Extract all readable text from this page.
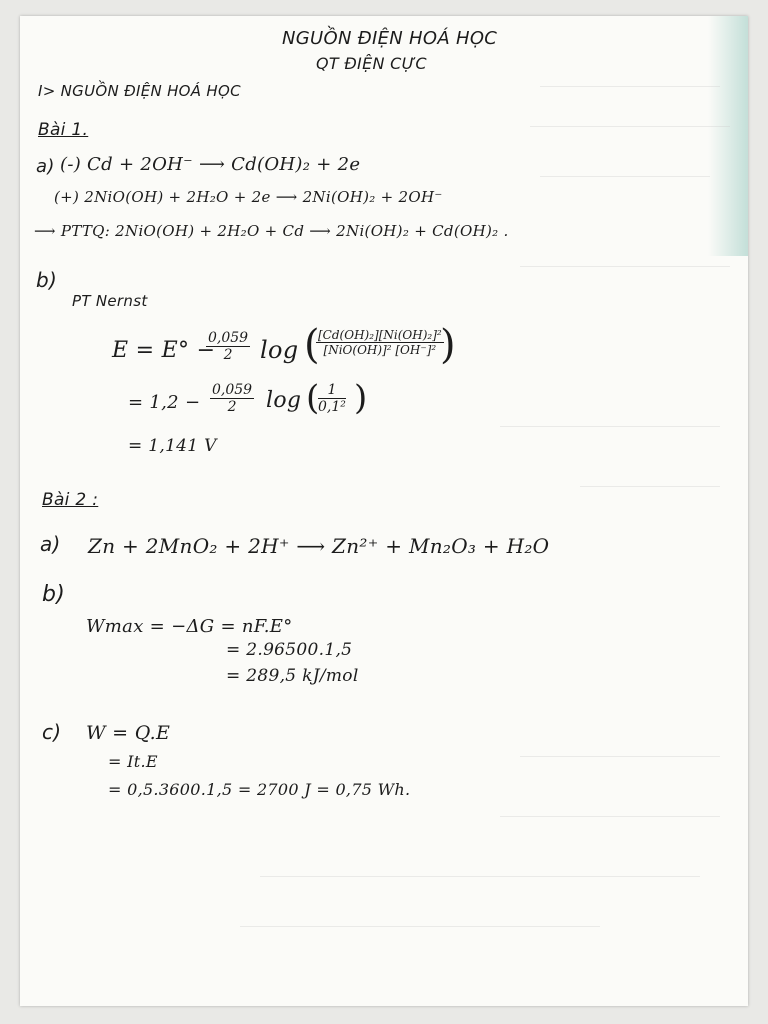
NGUỒN ĐIỆN HOÁ HỌC
QT ĐIỆN CỰC
I> NGUỒN ĐIỆN HOÁ HỌC
Bài 1.
a) (-) Cd + 2OH⁻ ⟶ Cd(OH)₂ + 2e
(+) 2NiO(OH) + 2H₂O + 2e ⟶ 2Ni(OH)₂ + 2OH⁻
⟶ PTTQ: 2NiO(OH) + 2H₂O + Cd ⟶ 2Ni(OH)₂ + Cd(OH)₂ .
b)
PT Nernst
E = E° −
$\frac{0,059}{2}$ log (
[Cd(OH)₂][Ni(OH)₂]²
[NiO(OH)]² [OH⁻]² )
= $1,2 - \frac{0,059}{2}$ log (
$\frac{1}{\text{0,1²}}$ )
= 1,141 V
Bài 2 :
a) Zn + 2MnO₂ + 2H⁺ ⟶ Zn²⁺ + Mn₂O₃ + H₂O
b)
Wmax = −ΔG = nF.E°
= 2.96500.1,5
= 289,5 kJ/mol
c) W = Q.E
= It.E
= 0,5.3600.1,5 = 2700 J = 0,75 Wh.
